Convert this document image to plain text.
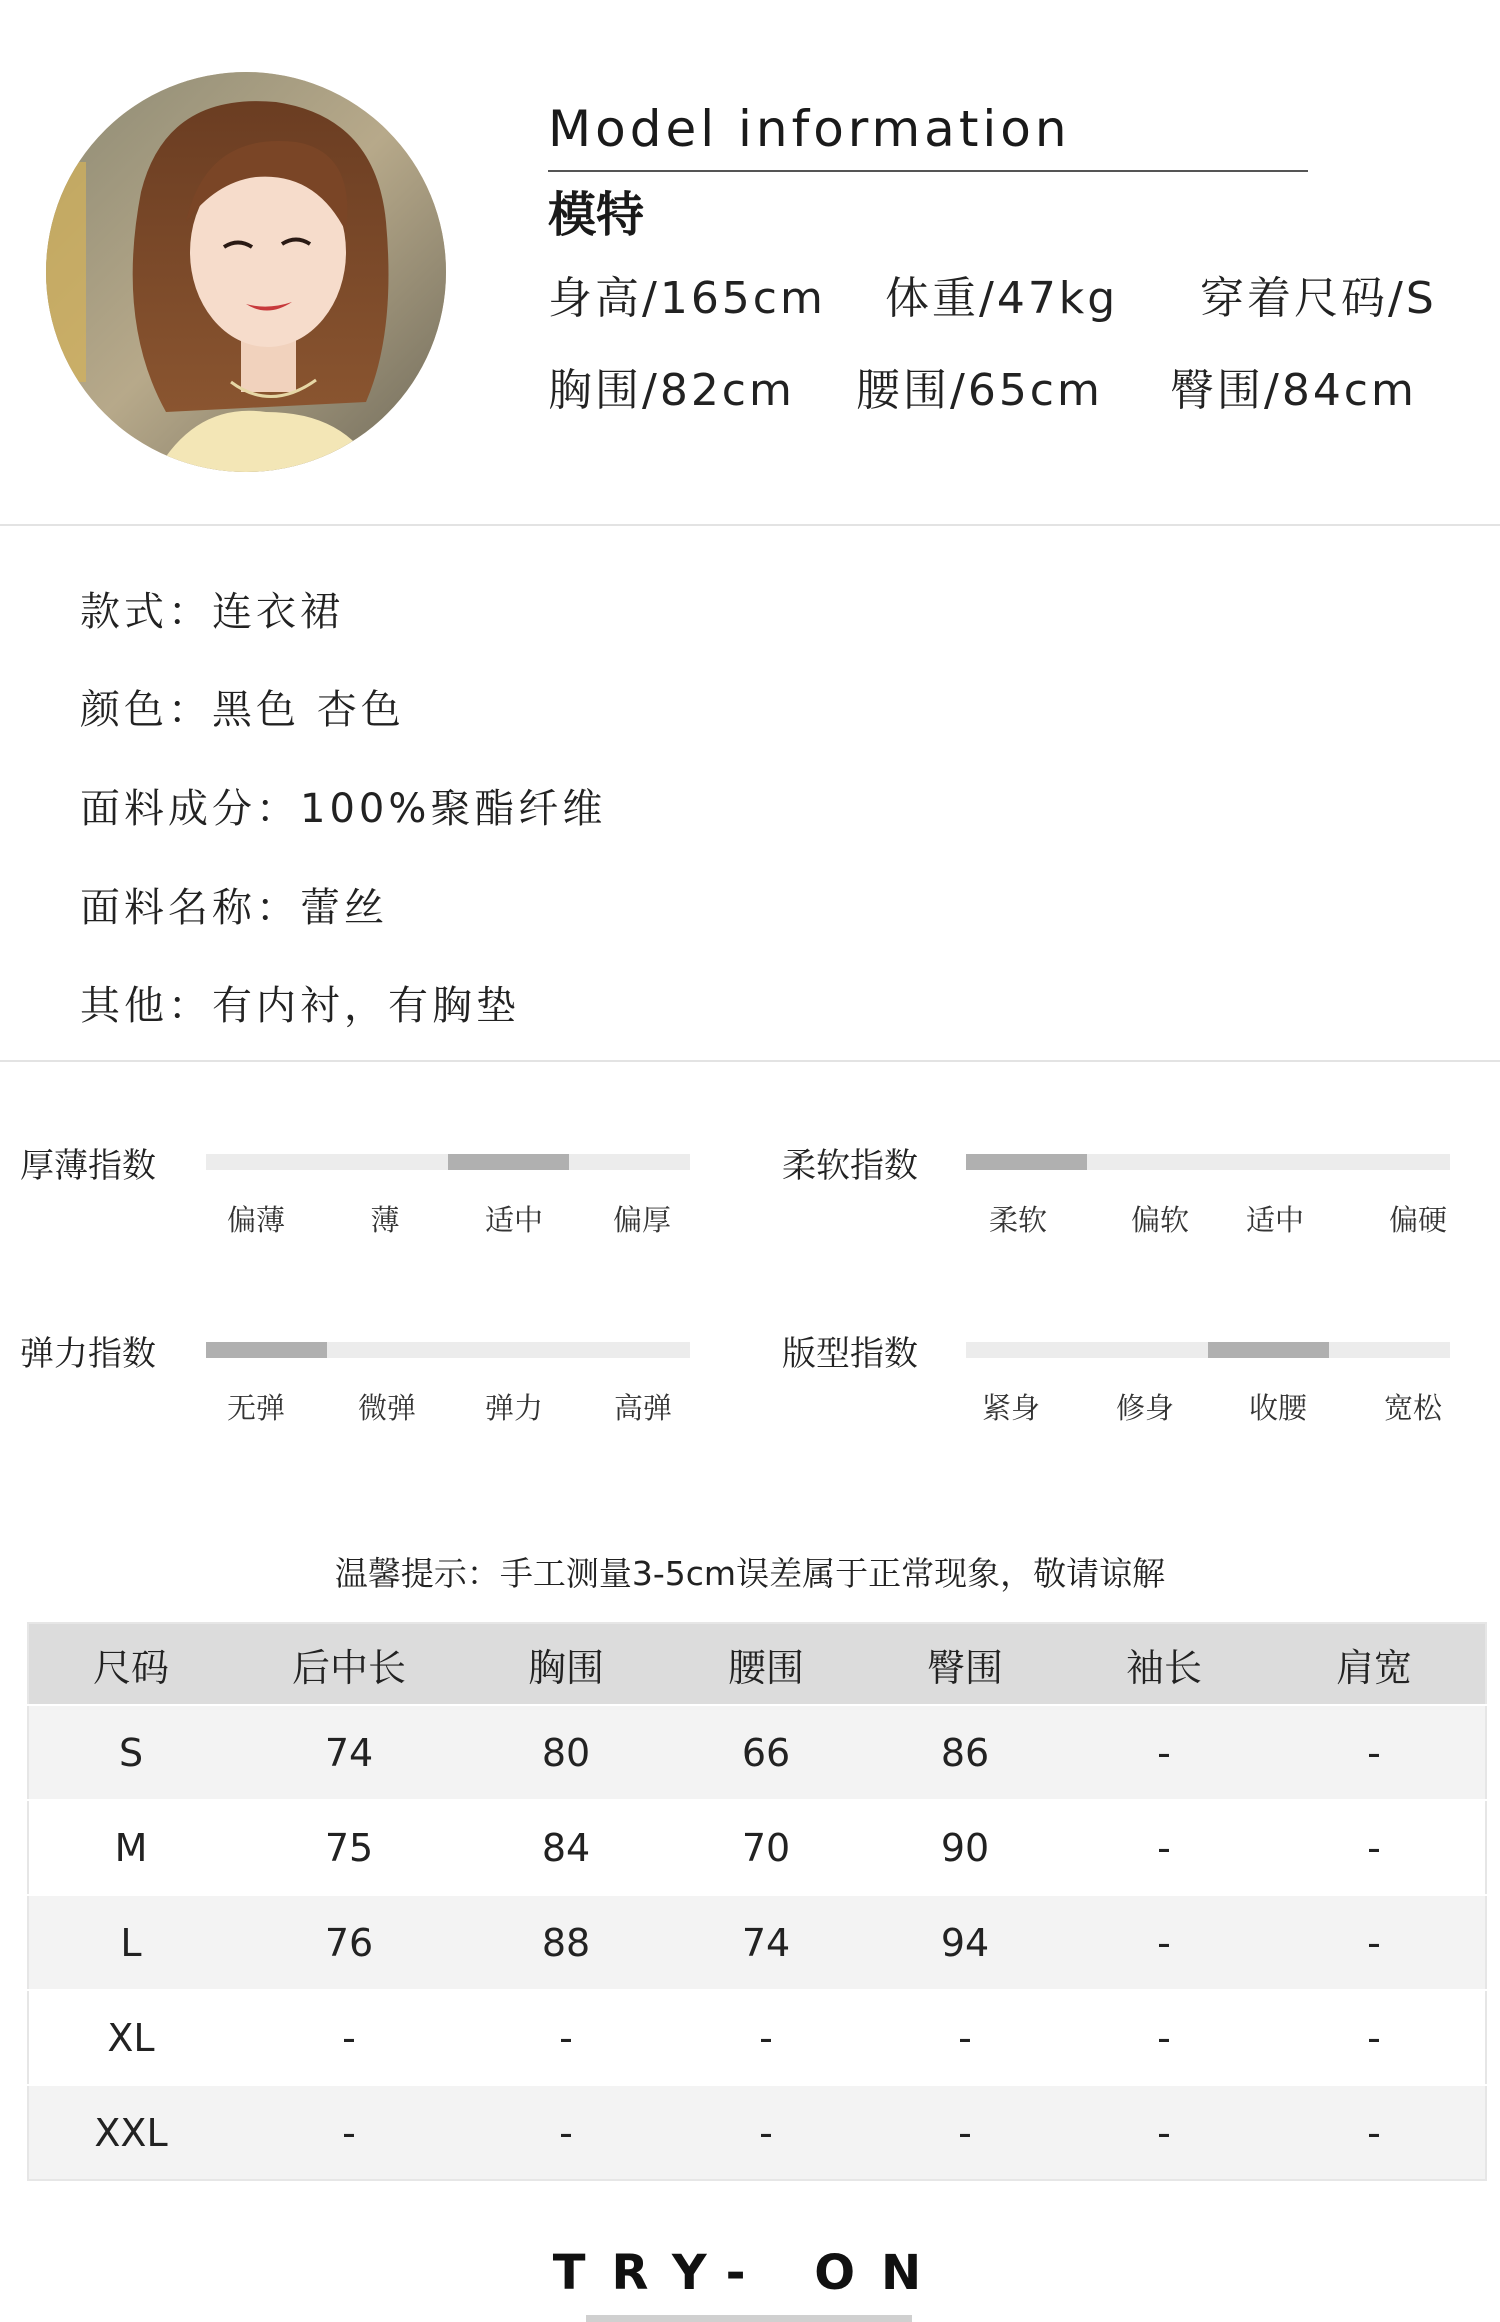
Model information
模特
身高/165cm 体重/47kg 穿着尺码/S
胸围/82cm 腰围/65cm 臀围/84cm
款式：连衣裙
颜色：黑色 杏色
面料成分：100%聚酯纤维
面料名称：蕾丝
其他：有内衬，有胸垫
厚薄指数
偏薄	薄	适中 偏厚
柔软指数
柔软	偏软 适中	偏硬
弹力指数
无弹	微弹 弹力 高弹
版型指数
紧身	修身	收腰	宽松
温馨提示：手工测量3-5cm误差属于正常现象，敬请谅解
尺码	后中长	胸围	腰围	臀围	袖长	肩宽
S	74	80	66	86	-	-
M	75	84	70	90	-	-
L	76	88	74	94	-	-
XL	-	-	-	-	-	-
XXL	-	-	-	-	-	-
TRY- ON
